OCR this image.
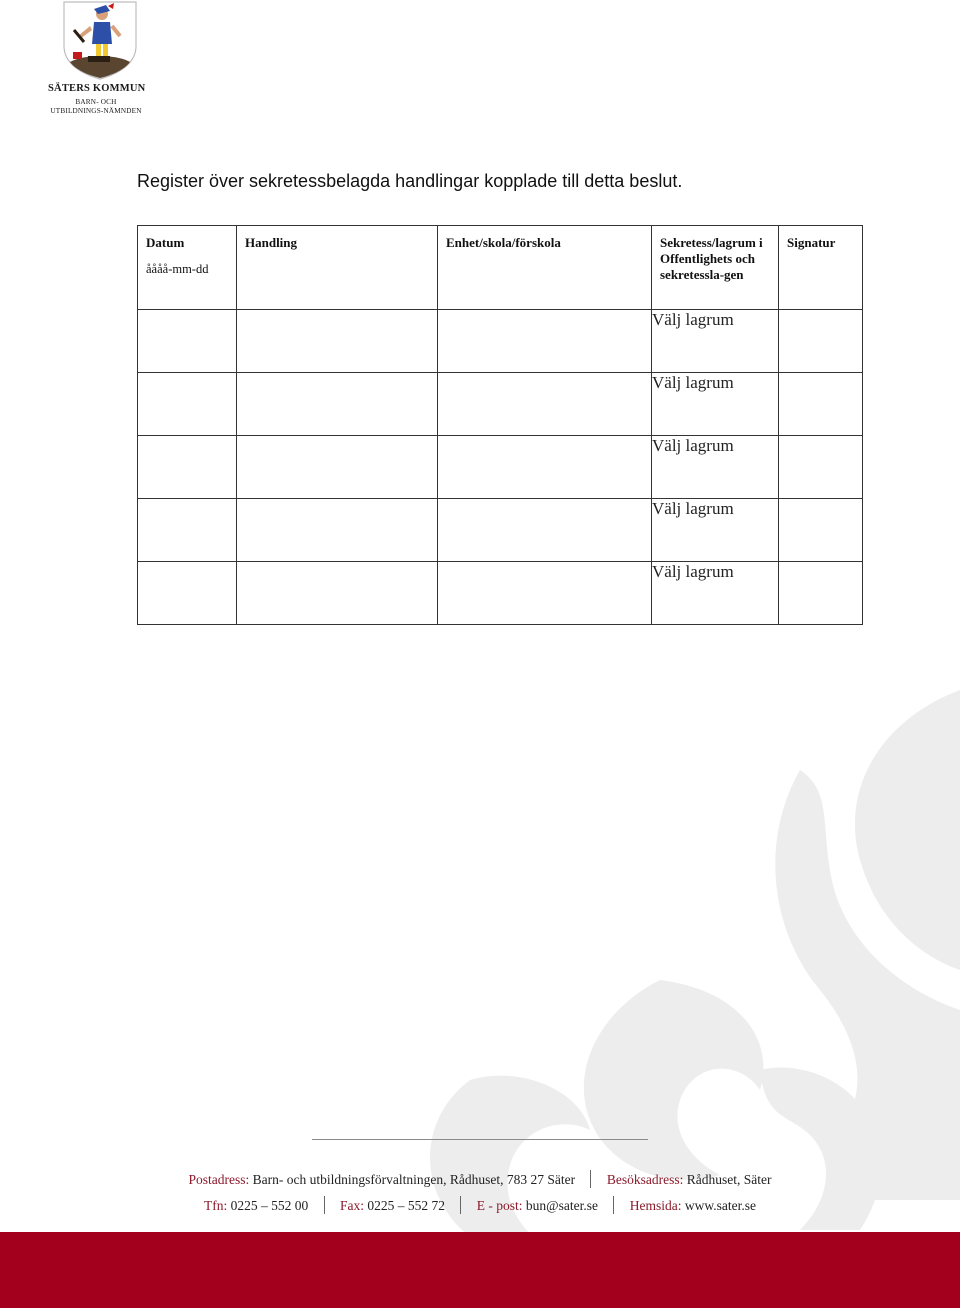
SÄTERS KOMMUN
BARN- OCH UTBILDNINGS-NÄMNDEN
Register över sekretessbelagda handlingar kopplade till detta beslut.
Datum
åååå-mm-dd	Handling	Enhet/skola/förskola	Sekretess/lagrum i Offentlighets och sekretessla-gen	Signatur
			Välj lagrum	
			Välj lagrum	
			Välj lagrum	
			Välj lagrum	
			Välj lagrum	
Postadress: Barn- och utbildningsförvaltningen, Rådhuset, 783 27 Säter Besöksadress: Rådhuset, Säter
Tfn: 0225 – 552 00 Fax: 0225 – 552 72 E - post: bun@sater.se Hemsida: www.sater.se
